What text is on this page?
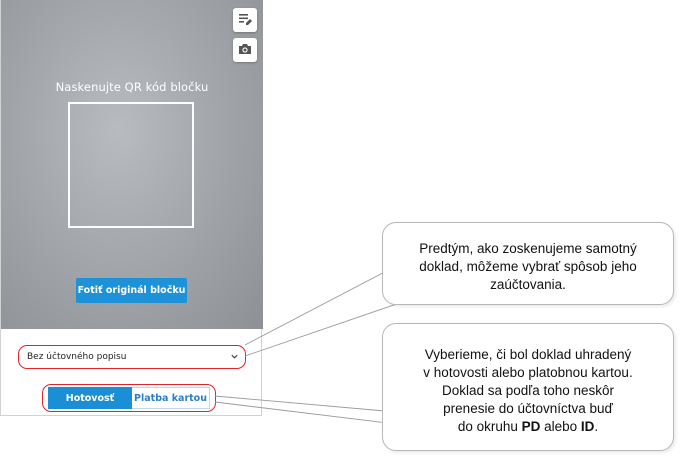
Naskenujte QR kód bločku
Fotiť originál bločku
Bez účtovného popisu
Hotovosť	Platba kartou
Predtým, ako zoskenujeme samotný
doklad, môžeme vybrať spôsob jeho
zaúčtovania.
Vyberieme, či bol doklad uhradený
v hotovosti alebo platobnou kartou.
Doklad sa podľa toho neskôr
prenesie do účtovníctva buď
do okruhu PD alebo ID.
